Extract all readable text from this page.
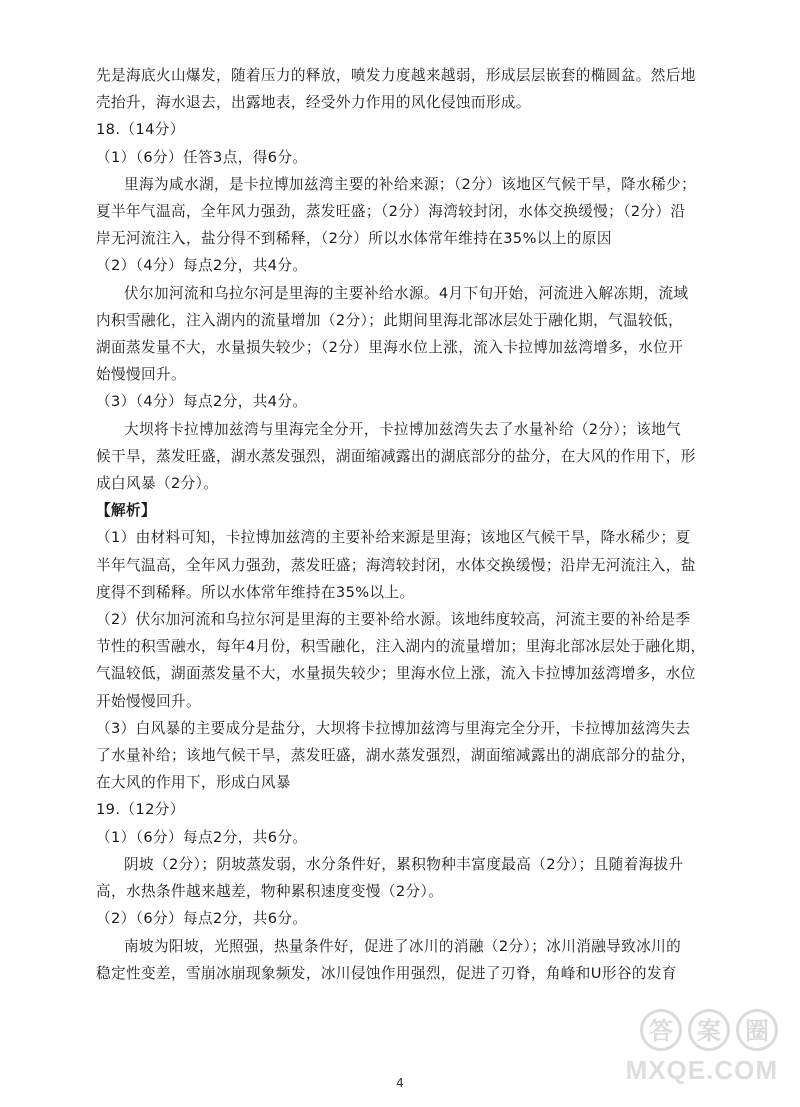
先是海底火山爆发，随着压力的释放，喷发力度越来越弱，形成层层嵌套的椭圆盆。然后地
壳抬升，海水退去，出露地表，经受外力作用的风化侵蚀而形成。
18.（14分）
（1）（6分）任答3点，得6分。
里海为咸水湖，是卡拉博加兹湾主要的补给来源；（2分）该地区气候干旱，降水稀少；
夏半年气温高，全年风力强劲，蒸发旺盛；（2分）海湾较封闭，水体交换缓慢；（2分）沿
岸无河流注入，盐分得不到稀释，（2分）所以水体常年维持在35%以上的原因
（2）（4分）每点2分，共4分。
伏尔加河流和乌拉尔河是里海的主要补给水源。4月下旬开始，河流进入解冻期，流域
内积雪融化，注入湖内的流量增加（2分）；此期间里海北部冰层处于融化期，气温较低，
湖面蒸发量不大，水量损失较少；（2分）里海水位上涨，流入卡拉博加兹湾增多，水位开
始慢慢回升。
（3）（4分）每点2分，共4分。
大坝将卡拉博加兹湾与里海完全分开，卡拉博加兹湾失去了水量补给（2分）；该地气
候干旱，蒸发旺盛，湖水蒸发强烈，湖面缩减露出的湖底部分的盐分，在大风的作用下，形
成白风暴（2分）。
【解析】
（1）由材料可知，卡拉博加兹湾的主要补给来源是里海；该地区气候干旱，降水稀少；夏
半年气温高，全年风力强劲，蒸发旺盛；海湾较封闭，水体交换缓慢；沿岸无河流注入，盐
度得不到稀释。所以水体常年维持在35%以上。
（2）伏尔加河流和乌拉尔河是里海的主要补给水源。该地纬度较高，河流主要的补给是季
节性的积雪融水，每年4月份，积雪融化，注入湖内的流量增加；里海北部冰层处于融化期，
气温较低，湖面蒸发量不大，水量损失较少；里海水位上涨，流入卡拉博加兹湾增多，水位
开始慢慢回升。
（3）白风暴的主要成分是盐分，大坝将卡拉博加兹湾与里海完全分开，卡拉博加兹湾失去
了水量补给；该地气候干旱，蒸发旺盛，湖水蒸发强烈，湖面缩减露出的湖底部分的盐分，
在大风的作用下，形成白风暴
19.（12分）
（1）（6分）每点2分，共6分。
阴坡（2分）；阴坡蒸发弱，水分条件好，累积物种丰富度最高（2分）；且随着海拔升
高，水热条件越来越差，物种累积速度变慢（2分）。
（2）（6分）每点2分，共6分。
南坡为阳坡，光照强，热量条件好，促进了冰川的消融（2分）；冰川消融导致冰川的
稳定性变差，雪崩冰崩现象频发，冰川侵蚀作用强烈，促进了刃脊，角峰和U形谷的发育
4
答	案	圈
MXQE.COM
